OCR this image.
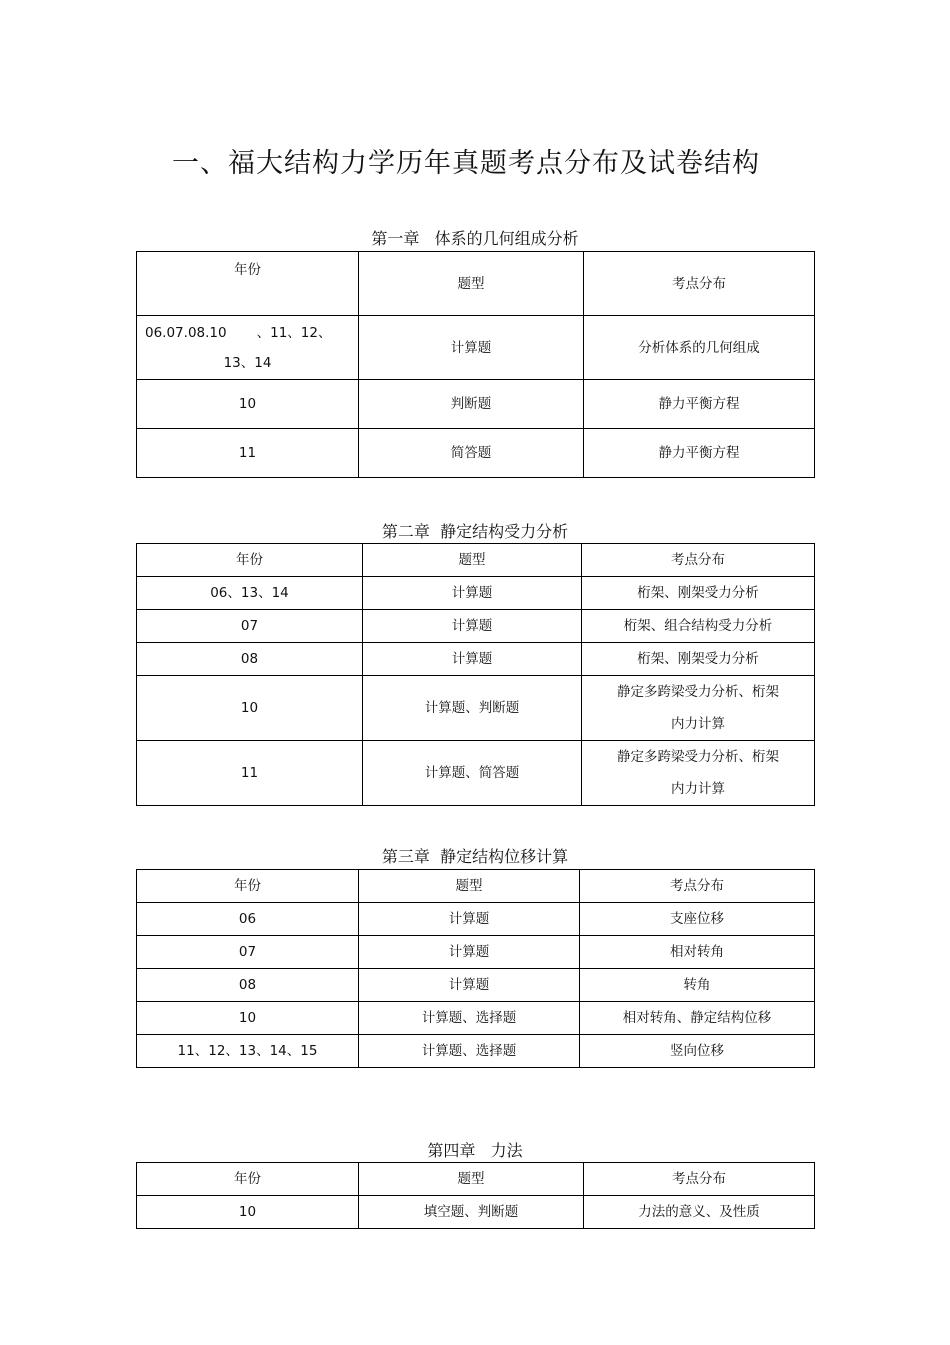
一、福大结构力学历年真题考点分布及试卷结构
第一章   体系的几何组成分析
年份	题型	考点分布

06.07.08.10       、11、12、
13、14	计算题	分析体系的几何组成
10	判断题	静力平衡方程
11	简答题	静力平衡方程
第二章  静定结构受力分析
年份	题型	考点分布
06、13、14	计算题	桁架、刚架受力分析
07	计算题	桁架、组合结构受力分析
08	计算题	桁架、刚架受力分析
10	计算题、判断题	静定多跨梁受力分析、桁架
内力计算

11	计算题、简答题	静定多跨梁受力分析、桁架
内力计算
第三章  静定结构位移计算
年份	题型	考点分布
06	计算题	支座位移
07	计算题	相对转角
08	计算题	转角
10	计算题、选择题	相对转角、静定结构位移
11、12、13、14、15	计算题、选择题	竖向位移
第四章   力法
年份	题型	考点分布
10	填空题、判断题	力法的意义、及性质
